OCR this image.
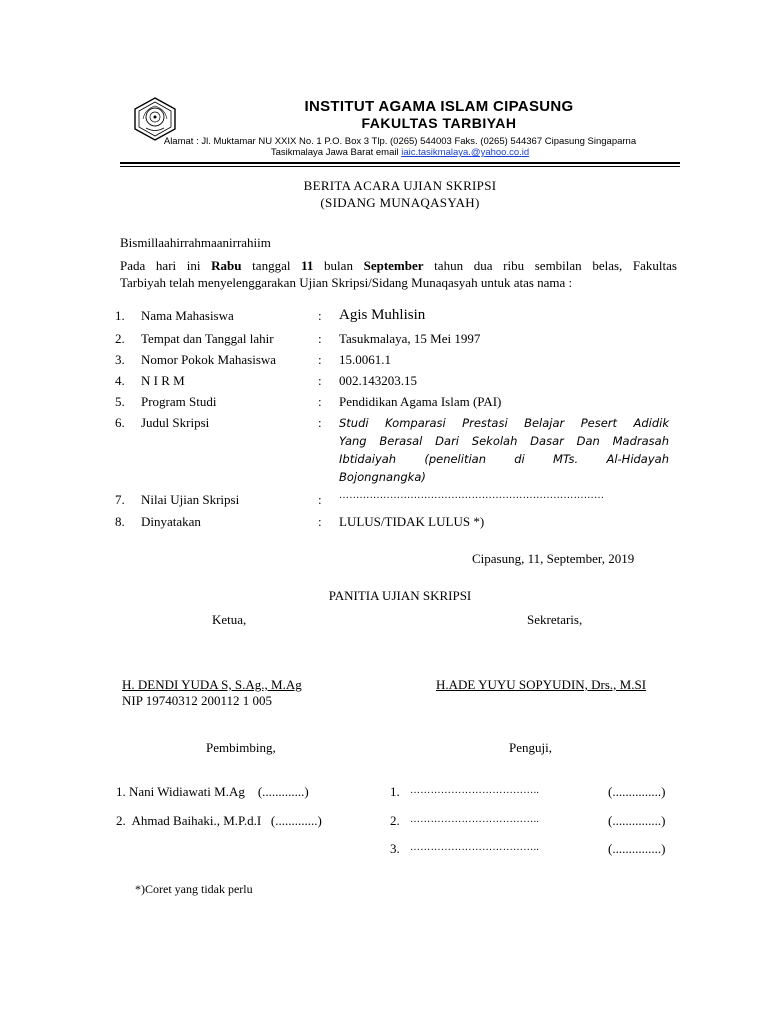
INSTITUT AGAMA ISLAM CIPASUNG
FAKULTAS TARBIYAH
Alamat : Jl. Muktamar NU XXIX No. 1 P.O. Box 3 Tlp. (0265) 544003 Faks. (0265) 544367 Cipasung Singaparna
Tasikmalaya Jawa Barat email iaic.tasikmalaya.@yahoo.co.id
BERITA ACARA UJIAN SKRIPSI
(SIDANG MUNAQASYAH)
Bismillaahirrahmaanirrahiim
Pada hari ini Rabu tanggal 11 bulan September tahun dua ribu sembilan belas, Fakultas
Tarbiyah telah menyelenggarakan Ujian Skripsi/Sidang Munaqasyah untuk atas nama :
1. Nama Mahasiswa	: Agis Muhlisin
2. Tempat dan Tanggal lahir	: Tasukmalaya, 15 Mei 1997
3. Nomor Pokok Mahasiswa	: 15.0061.1
4. N I R M	: 002.143203.15
5. Program Studi	: Pendidikan Agama Islam (PAI)
6. Judul Skripsi	: Studi Komparasi Prestasi Belajar Pesert Adidik
Yang Berasal Dari Sekolah Dasar Dan Madrasah
Ibtidaiyah (penelitian di MTs. Al-Hidayah
Bojongnangka)
7. Nilai Ujian Skripsi	: ……………………………………………………………………
8. Dinyatakan	: LULUS/TIDAK LULUS *)
Cipasung, 11, September, 2019
PANITIA UJIAN SKRIPSI
Ketua,	Sekretaris,
H. DENDI YUDA S, S.Ag., M.Ag
NIP 19740312 200112 1 005
H.ADE YUYU SOPYUDIN, Drs., M.SI
Pembimbing,	Penguji,
1. Nani Widiawati M.Ag    (.............)
2.  Ahmad Baihaki., M.P.d.I   (.............)
1. ………………………………..	(...............)
2. ………………………………..	(...............)
3. ………………………………..	(...............)
*)Coret yang tidak perlu
